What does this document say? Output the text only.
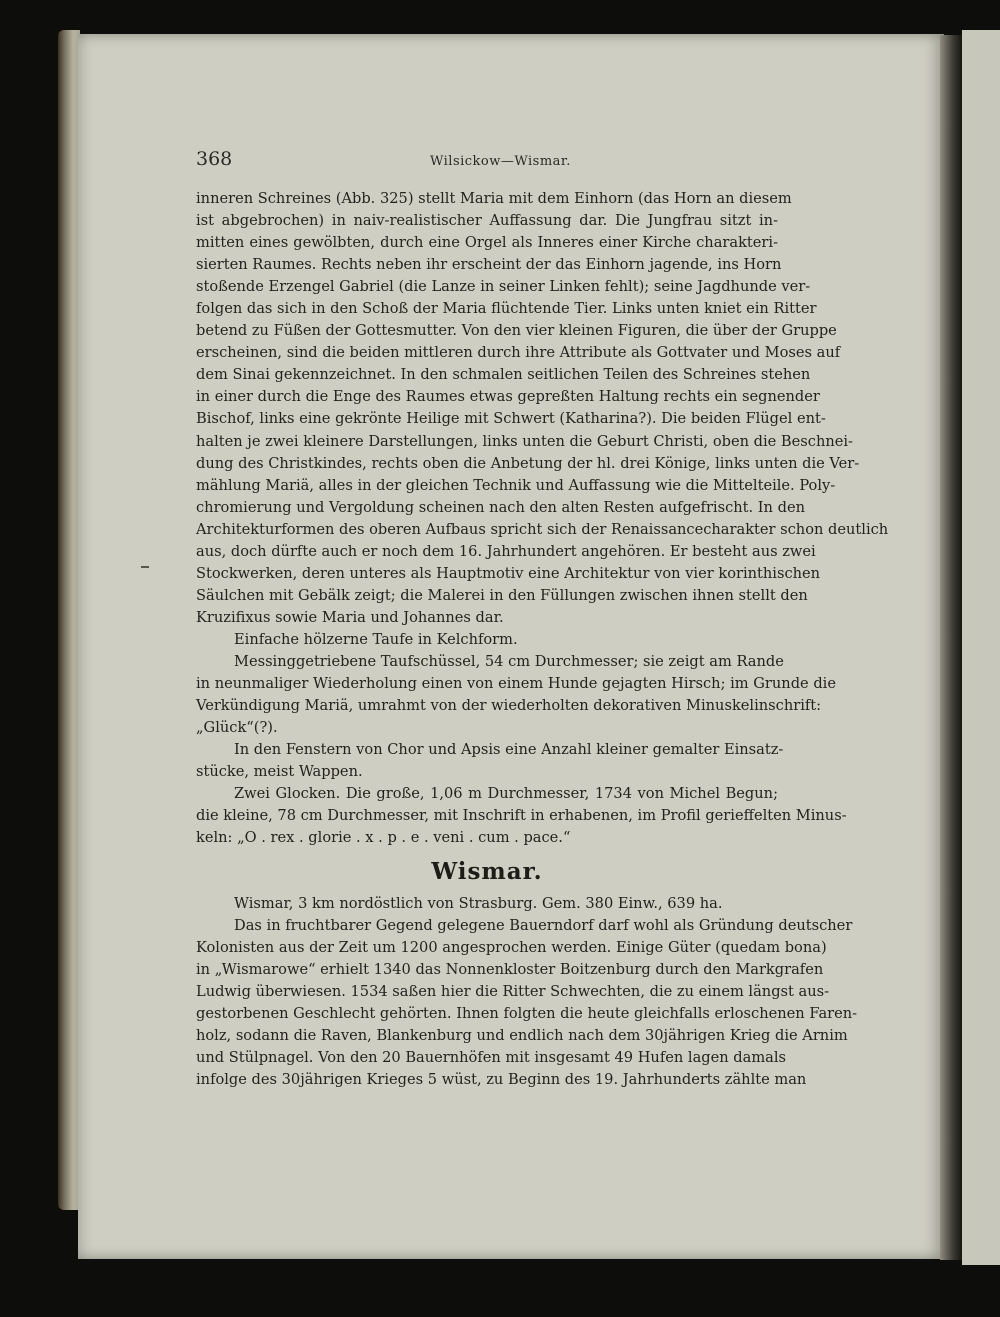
368	Wilsickow—Wismar.
inneren Schreines (Abb. 325) stellt Maria mit dem Einhorn (das Horn an diesem
ist abgebrochen) in naiv-realistischer Auffassung dar. Die Jungfrau sitzt in-
mitten eines gewölbten, durch eine Orgel als Inneres einer Kirche charakteri-
sierten Raumes. Rechts neben ihr erscheint der das Einhorn jagende, ins Horn
stoßende Erzengel Gabriel (die Lanze in seiner Linken fehlt); seine Jagdhunde ver-
folgen das sich in den Schoß der Maria flüchtende Tier. Links unten kniet ein Ritter
betend zu Füßen der Gottesmutter. Von den vier kleinen Figuren, die über der Gruppe
erscheinen, sind die beiden mittleren durch ihre Attribute als Gottvater und Moses auf
dem Sinai gekennzeichnet. In den schmalen seitlichen Teilen des Schreines stehen
in einer durch die Enge des Raumes etwas gepreßten Haltung rechts ein segnender
Bischof, links eine gekrönte Heilige mit Schwert (Katharina?). Die beiden Flügel ent-
halten je zwei kleinere Darstellungen, links unten die Geburt Christi, oben die Beschnei-
dung des Christkindes, rechts oben die Anbetung der hl. drei Könige, links unten die Ver-
mählung Mariä, alles in der gleichen Technik und Auffassung wie die Mittelteile. Poly-
chromierung und Vergoldung scheinen nach den alten Resten aufgefrischt. In den
Architekturformen des oberen Aufbaus spricht sich der Renaissancecharakter schon deutlich
aus, doch dürfte auch er noch dem 16. Jahrhundert angehören. Er besteht aus zwei
Stockwerken, deren unteres als Hauptmotiv eine Architektur von vier korinthischen
Säulchen mit Gebälk zeigt; die Malerei in den Füllungen zwischen ihnen stellt den
Kruzifixus sowie Maria und Johannes dar.
Einfache hölzerne Taufe in Kelchform.
Messinggetriebene Taufschüssel, 54 cm Durchmesser; sie zeigt am Rande
in neunmaliger Wiederholung einen von einem Hunde gejagten Hirsch; im Grunde die
Verkündigung Mariä, umrahmt von der wiederholten dekorativen Minuskelinschrift:
„Glück“(?).
In den Fenstern von Chor und Apsis eine Anzahl kleiner gemalter Einsatz-
stücke, meist Wappen.
Zwei Glocken. Die große, 1,06 m Durchmesser, 1734 von Michel Begun;
die kleine, 78 cm Durchmesser, mit Inschrift in erhabenen, im Profil gerieffelten Minus-
keln: „O . rex . glorie . x . p . e . veni . cum . pace.“
Wismar.
Wismar, 3 km nordöstlich von Strasburg. Gem. 380 Einw., 639 ha.
Das in fruchtbarer Gegend gelegene Bauerndorf darf wohl als Gründung deutscher
Kolonisten aus der Zeit um 1200 angesprochen werden. Einige Güter (quedam bona)
in „Wismarowe“ erhielt 1340 das Nonnenkloster Boitzenburg durch den Markgrafen
Ludwig überwiesen. 1534 saßen hier die Ritter Schwechten, die zu einem längst aus-
gestorbenen Geschlecht gehörten. Ihnen folgten die heute gleichfalls erloschenen Faren-
holz, sodann die Raven, Blankenburg und endlich nach dem 30jährigen Krieg die Arnim
und Stülpnagel. Von den 20 Bauernhöfen mit insgesamt 49 Hufen lagen damals
infolge des 30jährigen Krieges 5 wüst, zu Beginn des 19. Jahrhunderts zählte man
